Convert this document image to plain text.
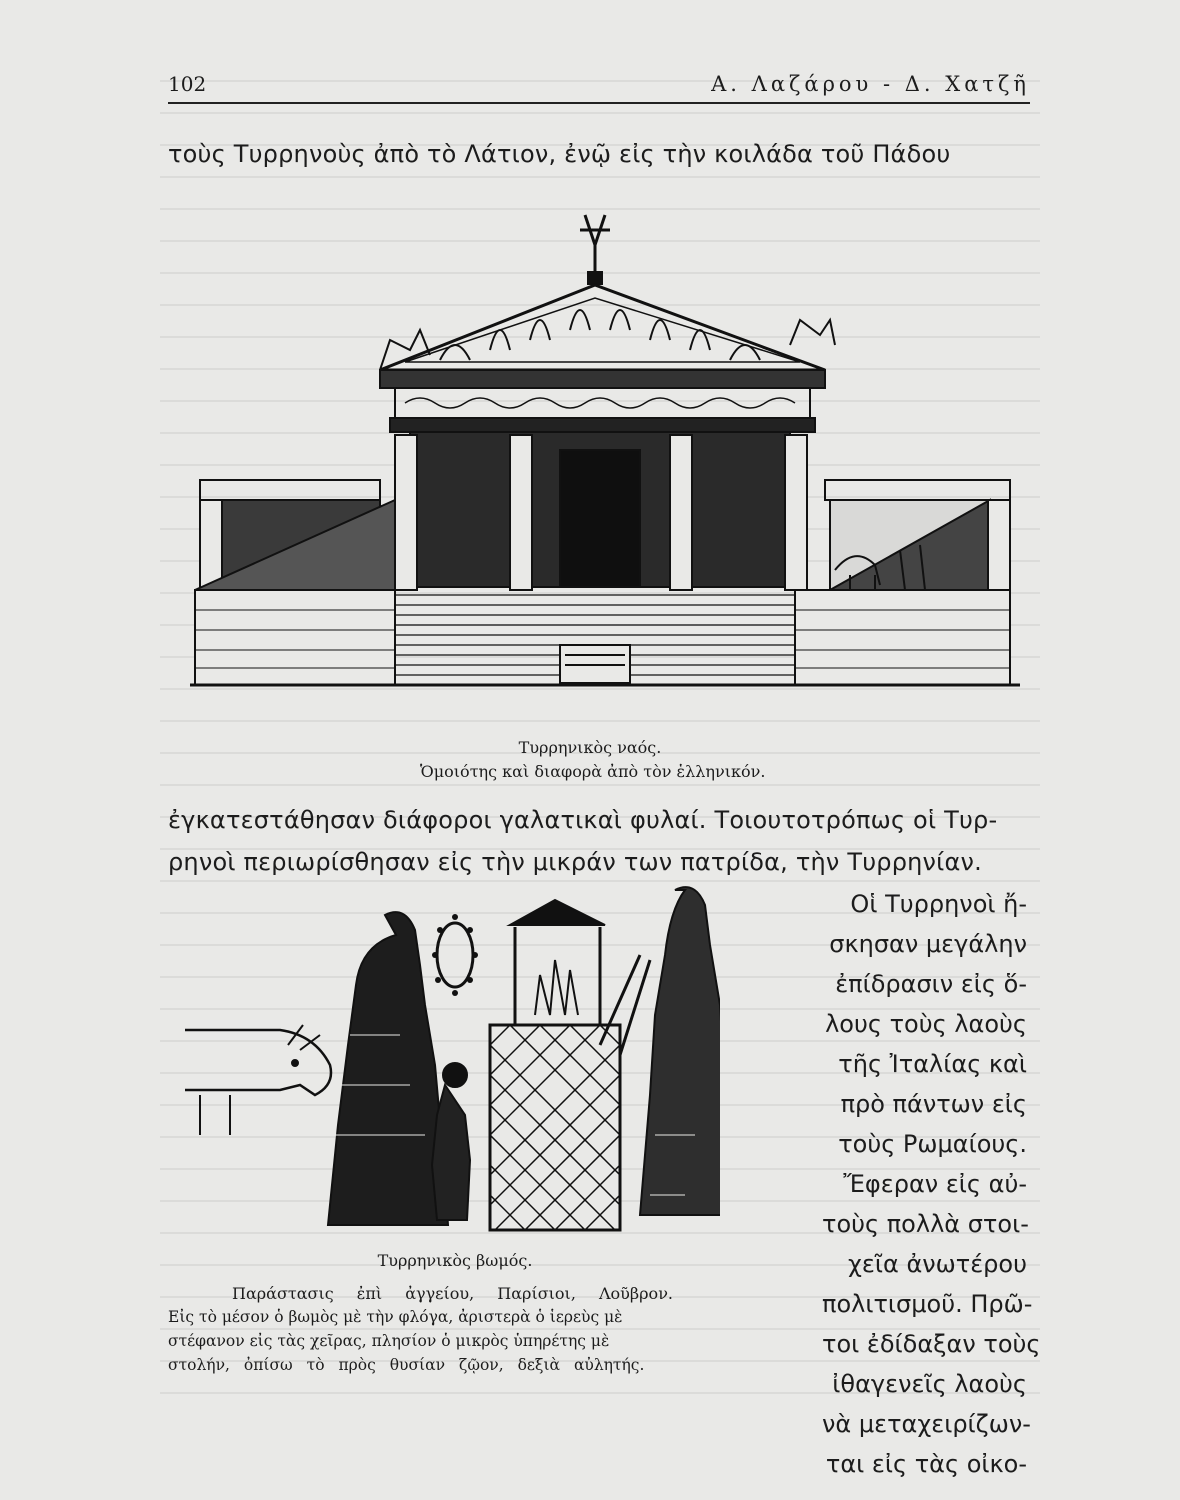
102	Α. Λαζάρου - Δ. Χατζῆ
τοὺς Τυρρηνοὺς ἀπὸ τὸ Λάτιον, ἐνῷ εἰς τὴν κοιλάδα τοῦ Πάδου
Τυρρηνικὸς ναός.
Ὁμοιότης καὶ διαφορὰ ἀπὸ τὸν ἑλληνικόν.
ἐγκατεστάθησαν διάφοροι γαλατικαὶ φυλαί. Τοιουτοτρόπως οἱ Τυρ-
ρηνοὶ περιωρίσθησαν εἰς τὴν μικράν των πατρίδα, τὴν Τυρρηνίαν.
Οἱ Τυρρηνοὶ ἤ-
σκησαν μεγάλην
ἐπίδρασιν εἰς ὅ-
λους τοὺς λαοὺς
τῆς Ἰταλίας καὶ
πρὸ πάντων εἰς
τοὺς Ρωμαίους.
Ἔφεραν εἰς αὐ-
τοὺς πολλὰ στοι-
χεῖα ἀνωτέρου
πολιτισμοῦ. Πρῶ-
τοι ἐδίδαξαν τοὺς
ἰθαγενεῖς λαοὺς
νὰ μεταχειρίζων-
Τυρρηνικὸς βωμός.
Παράστασις ἐπὶ ἀγγείου, Παρίσιοι, Λοῦβρον.
Εἰς τὸ μέσον ὁ βωμὸς μὲ τὴν φλόγα, ἀριστερὰ ὁ ἱερεὺς μὲ
στέφανον εἰς τὰς χεῖρας, πλησίον ὁ μικρὸς ὑπηρέτης μὲ
στολήν, ὀπίσω τὸ πρὸς θυσίαν ζῷον, δεξιὰ αὐλητής.
ται εἰς τὰς οἰκο-
